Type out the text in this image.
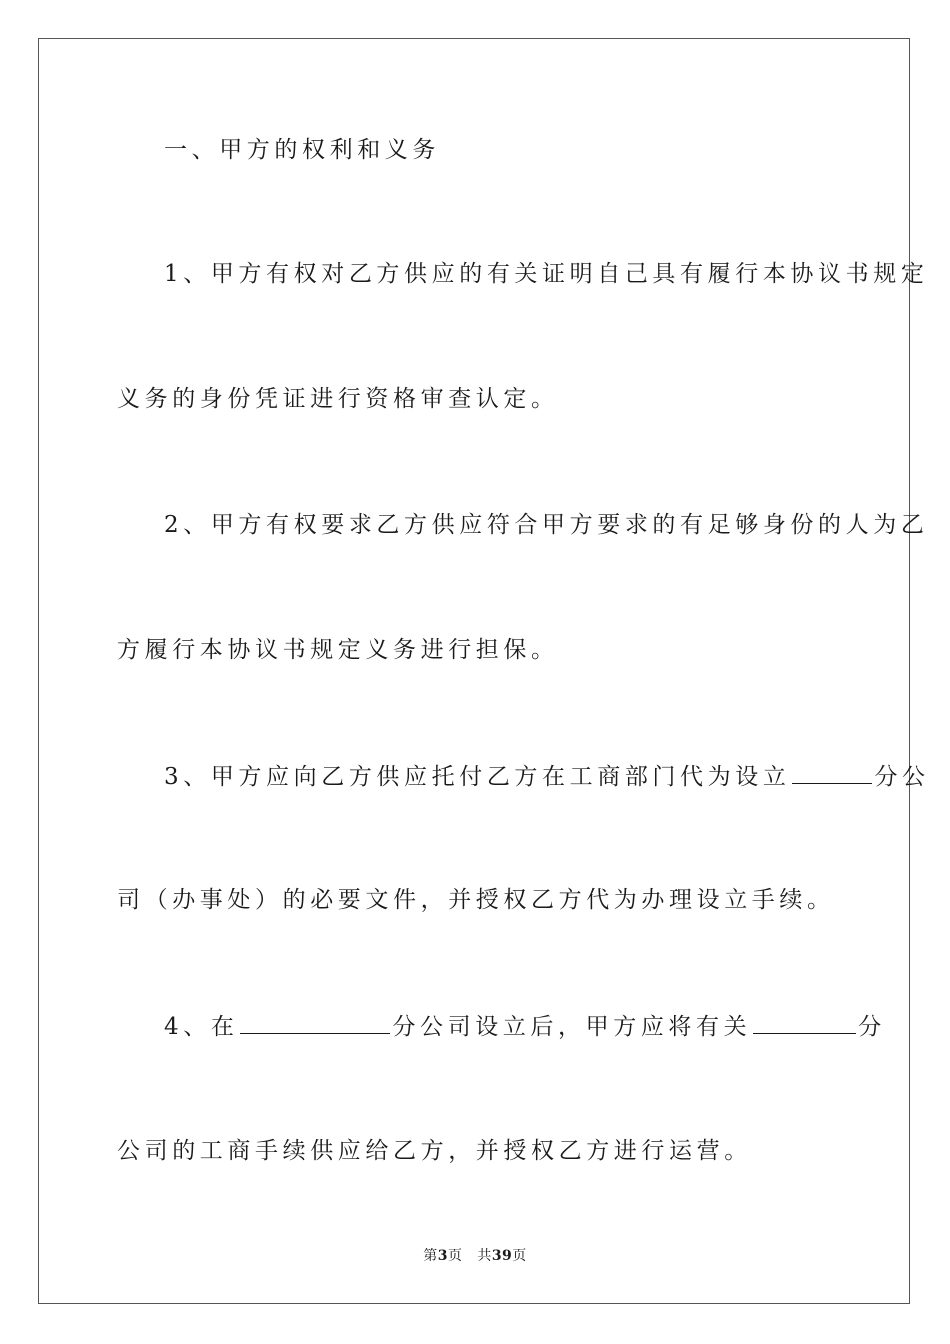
一、甲方的权利和义务
1、甲方有权对乙方供应的有关证明自己具有履行本协议书规定
义务的身份凭证进行资格审查认定。
2、甲方有权要求乙方供应符合甲方要求的有足够身份的人为乙
方履行本协议书规定义务进行担保。
3、甲方应向乙方供应托付乙方在工商部门代为设立	分公
司（办事处）的必要文件，并授权乙方代为办理设立手续。
4、在	分公司设立后，甲方应将有关	分
公司的工商手续供应给乙方，并授权乙方进行运营。
第3页 共39页
